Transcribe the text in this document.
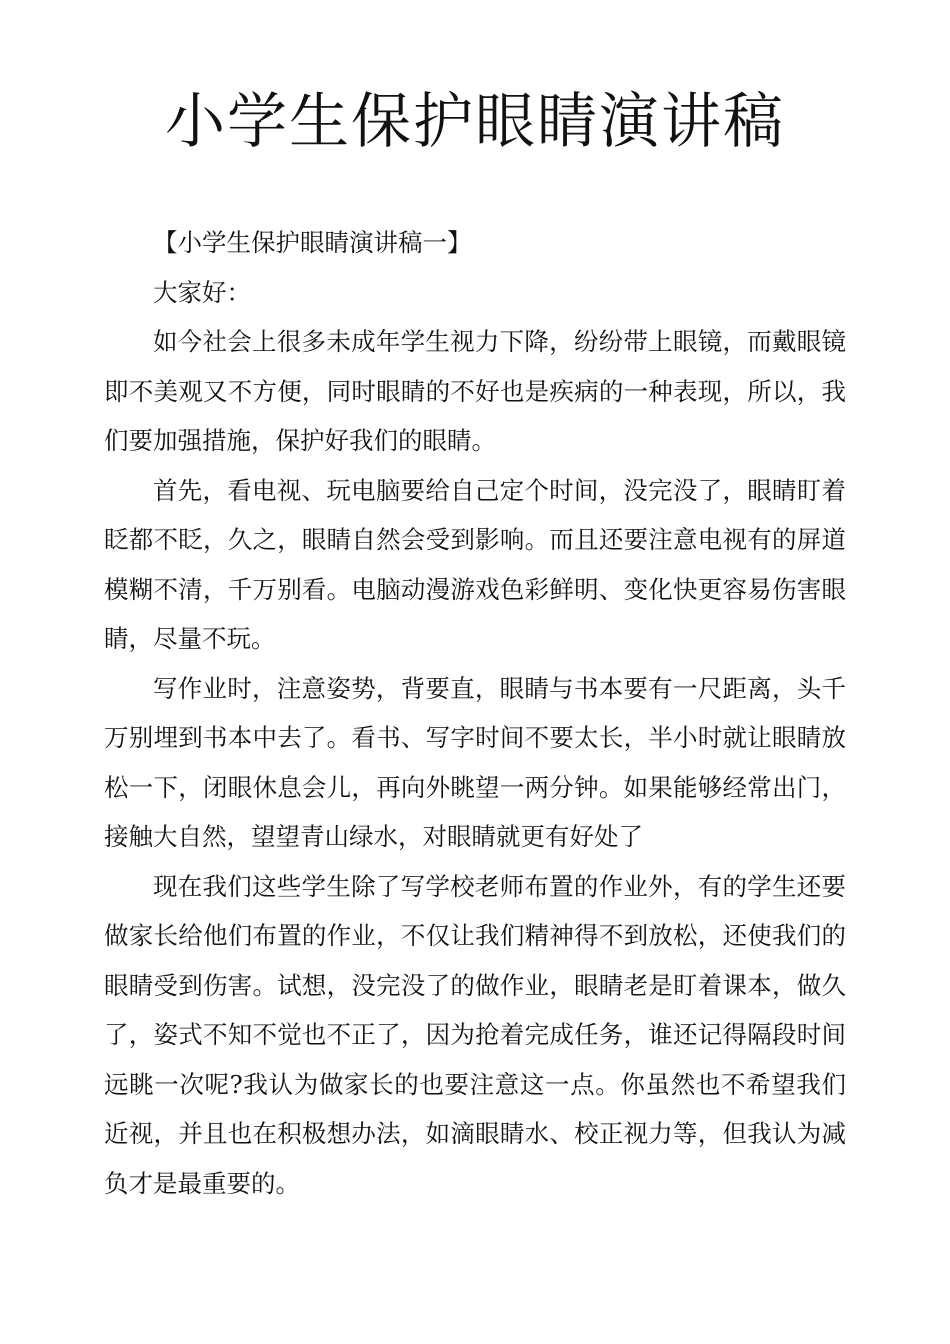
小学生保护眼睛演讲稿

【小学生保护眼睛演讲稿一】

大家好：

如今社会上很多未成年学生视力下降，纷纷带上眼镜，而戴眼镜即不美观又不方便，同时眼睛的不好也是疾病的一种表现，所以，我们要加强措施，保护好我们的眼睛。

首先，看电视、玩电脑要给自己定个时间，没完没了，眼睛盯着眨都不眨，久之，眼睛自然会受到影响。而且还要注意电视有的屏道模糊不清，千万别看。电脑动漫游戏色彩鲜明、变化快更容易伤害眼睛，尽量不玩。

写作业时，注意姿势，背要直，眼睛与书本要有一尺距离，头千万别埋到书本中去了。看书、写字时间不要太长，半小时就让眼睛放松一下，闭眼休息会儿，再向外眺望一两分钟。如果能够经常出门，接触大自然，望望青山绿水，对眼睛就更有好处了

现在我们这些学生除了写学校老师布置的作业外，有的学生还要做家长给他们布置的作业，不仅让我们精神得不到放松，还使我们的眼睛受到伤害。试想，没完没了的做作业，眼睛老是盯着课本，做久了，姿式不知不觉也不正了，因为抢着完成任务，谁还记得隔段时间远眺一次呢?我认为做家长的也要注意这一点。你虽然也不希望我们近视，并且也在积极想办法，如滴眼睛水、校正视力等，但我认为减负才是最重要的。
